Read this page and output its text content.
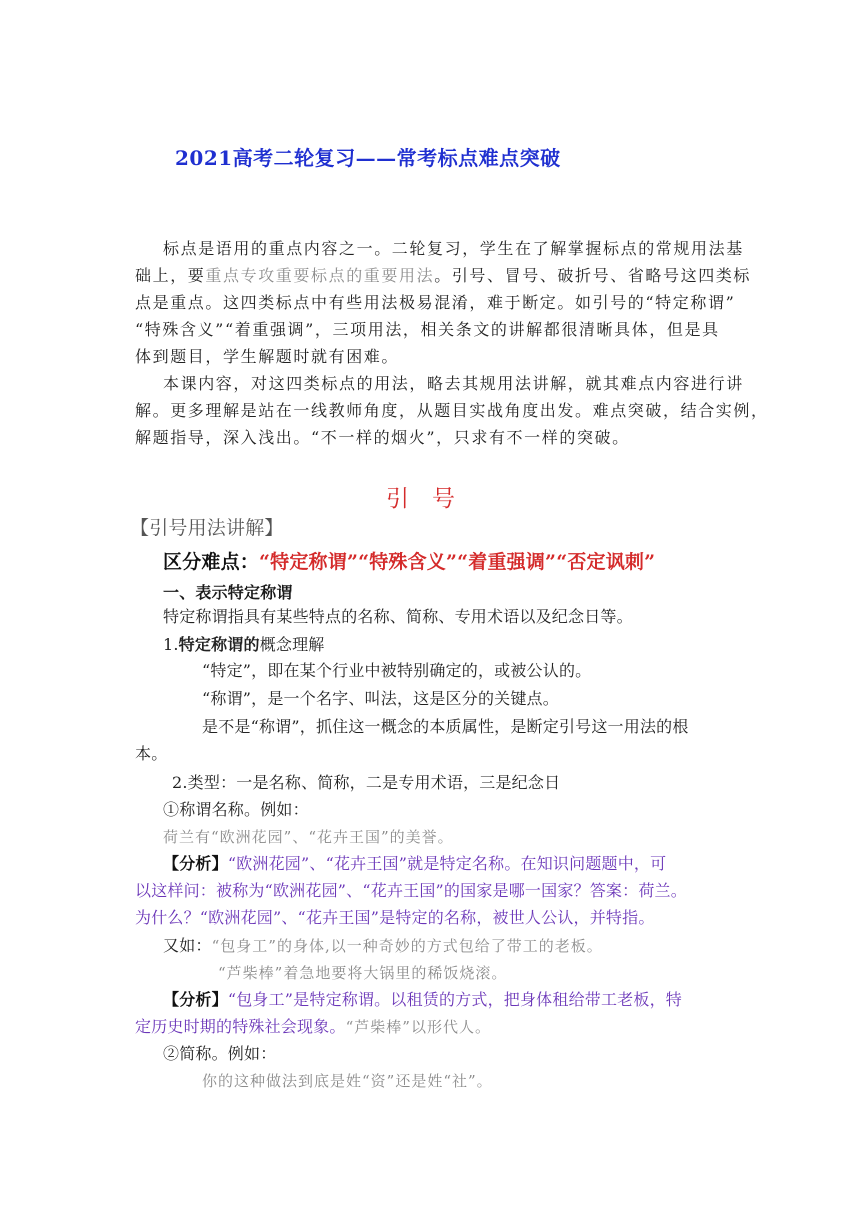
2021高考二轮复习——常考标点难点突破
标点是语用的重点内容之一。二轮复习，学生在了解掌握标点的常规用法基
础上，要重点专攻重要标点的重要用法。引号、冒号、破折号、省略号这四类标
点是重点。这四类标点中有些用法极易混淆，难于断定。如引号的“特定称谓”
“特殊含义”“着重强调”，三项用法，相关条文的讲解都很清晰具体，但是具
体到题目，学生解题时就有困难。
本课内容，对这四类标点的用法，略去其规用法讲解，就其难点内容进行讲
解。更多理解是站在一线教师角度，从题目实战角度出发。难点突破，结合实例，
解题指导，深入浅出。“不一样的烟火”，只求有不一样的突破。
引　号
【引号用法讲解】
区分难点：“特定称谓”“特殊含义”“着重强调”“否定讽刺”
一、表示特定称谓
特定称谓指具有某些特点的名称、简称、专用术语以及纪念日等。
1.特定称谓的概念理解
“特定”，即在某个行业中被特别确定的，或被公认的。
“称谓”，是一个名字、叫法，这是区分的关键点。
是不是“称谓”，抓住这一概念的本质属性，是断定引号这一用法的根
本。
2.类型：一是名称、简称，二是专用术语，三是纪念日
①称谓名称。例如：
荷兰有“欧洲花园”、“花卉王国”的美誉。
【分析】“欧洲花园”、“花卉王国”就是特定名称。在知识问题题中，可
以这样问：被称为“欧洲花园”、“花卉王国”的国家是哪一国家？答案：荷兰。
为什么？“欧洲花园”、“花卉王国”是特定的名称，被世人公认，并特指。
又如：“包身工”的身体,以一种奇妙的方式包给了带工的老板。
“芦柴棒”着急地要将大锅里的稀饭烧滚。
【分析】“包身工”是特定称谓。以租赁的方式，把身体租给带工老板，特
定历史时期的特殊社会现象。“芦柴棒”以形代人。
②简称。例如：
你的这种做法到底是姓“资”还是姓“社”。
